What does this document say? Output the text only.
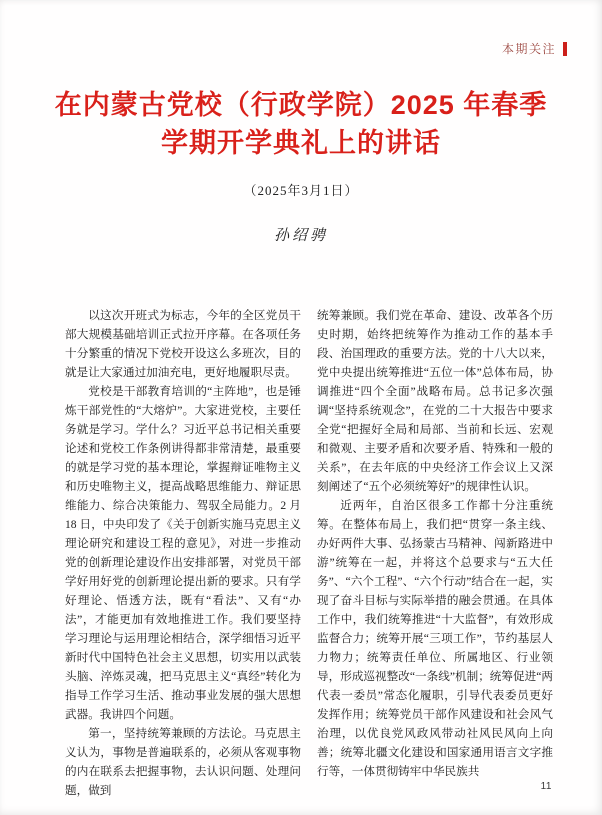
本期关注
在内蒙古党校（行政学院）2025 年春季
学期开学典礼上的讲话
（2025年3月1日）
孙绍骋

以这次开班式为标志，今年的全区党员干部大规模基础培训正式拉开序幕。在各项任务十分繁重的情况下党校开设这么多班次，目的就是让大家通过加油充电，更好地履职尽责。

党校是干部教育培训的“主阵地”，也是锤炼干部党性的“大熔炉”。大家进党校，主要任务就是学习。学什么？习近平总书记相关重要论述和党校工作条例讲得都非常清楚，最重要的就是学习党的基本理论，掌握辩证唯物主义和历史唯物主义，提高战略思维能力、辩证思维能力、综合决策能力、驾驭全局能力。2 月 18 日，中央印发了《关于创新实施马克思主义理论研究和建设工程的意见》，对进一步推动党的创新理论建设作出安排部署，对党员干部学好用好党的创新理论提出新的要求。只有学好理论、悟透方法，既有“看法”、又有“办法”，才能更加有效地推进工作。我们要坚持学习理论与运用理论相结合，深学细悟习近平新时代中国特色社会主义思想，切实用以武装头脑、淬炼灵魂，把马克思主义“真经”转化为指导工作学习生活、推动事业发展的强大思想武器。我讲四个问题。

第一，坚持统筹兼顾的方法论。马克思主义认为，事物是普遍联系的，必须从客观事物的内在联系去把握事物，去认识问题、处理问题，做到

统筹兼顾。我们党在革命、建设、改革各个历史时期，始终把统筹作为推动工作的基本手段、治国理政的重要方法。党的十八大以来，党中央提出统筹推进“五位一体”总体布局，协调推进“四个全面”战略布局。总书记多次强调“坚持系统观念”，在党的二十大报告中要求全党“把握好全局和局部、当前和长远、宏观和微观、主要矛盾和次要矛盾、特殊和一般的关系”，在去年底的中央经济工作会议上又深刻阐述了“五个必须统筹好”的规律性认识。

近两年，自治区很多工作都十分注重统筹。在整体布局上，我们把“贯穿一条主线、办好两件大事、弘扬蒙古马精神、闯新路进中游”统筹在一起，并将这个总要求与“五大任务”、“六个工程”、“六个行动”结合在一起，实现了奋斗目标与实际举措的融会贯通。在具体工作中，我们统筹推进“十大监督”，有效形成监督合力；统筹开展“三项工作”，节约基层人力物力；统筹责任单位、所属地区、行业领导，形成巡视整改“一条线”机制；统筹促进“两代表一委员”常态化履职，引导代表委员更好发挥作用；统筹党员干部作风建设和社会风气治理，以优良党风政风带动社风民风向上向善；统筹北疆文化建设和国家通用语言文字推行等，一体贯彻铸牢中华民族共

11
